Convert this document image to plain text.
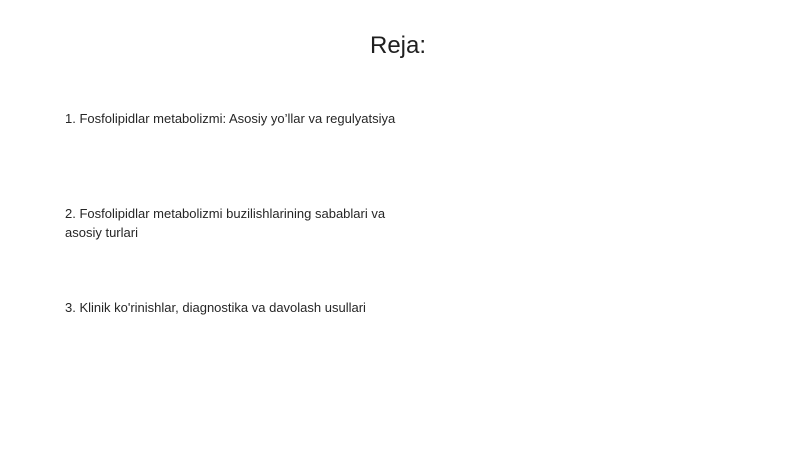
Reja:
1. Fosfolipidlar metabolizmi: Asosiy yo’llar va regulyatsiya
2. Fosfolipidlar metabolizmi buzilishlarining sabablari va asosiy turlari
3. Klinik ko'rinishlar, diagnostika va davolash usullari
